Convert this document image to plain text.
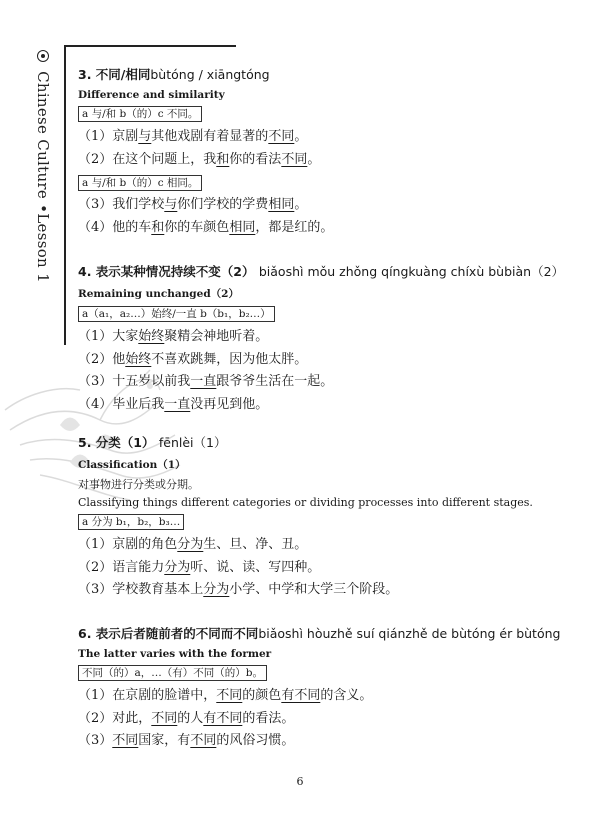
Chinese Culture •Lesson 1 3. 不同/相同bùtóng / xiāngtóng
Difference and similarity
a 与/和 b（的）c 不同。
（1）京剧与其他戏剧有着显著的不同。
（2）在这个问题上，我和你的看法不同。
a 与/和 b（的）c 相同。
（3）我们学校与你们学校的学费相同。
（4）他的车和你的车颜色相同，都是红的。
4. 表示某种情况持续不变（2） biǎoshì mǒu zhǒng qíngkuàng chíxù bùbiàn（2）
Remaining unchanged（2）
a（a₁，a₂…）始终/一直 b（b₁，b₂…）
（1）大家始终聚精会神地听着。
（2）他始终不喜欢跳舞，因为他太胖。
（3）十五岁以前我一直跟爷爷生活在一起。
（4）毕业后我一直没再见到他。
5. 分类（1） fēnlèi（1）
Classification（1）
对事物进行分类或分期。
Classifying things different categories or dividing processes into different stages.
a 分为 b₁，b₂，b₃…
（1）京剧的角色分为生、旦、净、丑。
（2）语言能力分为听、说、读、写四种。
（3）学校教育基本上分为小学、中学和大学三个阶段。
6. 表示后者随前者的不同而不同biǎoshì hòuzhě suí qiánzhě de bùtóng ér bùtóng
The latter varies with the former
不同（的）a，…（有）不同（的）b。
（1）在京剧的脸谱中，不同的颜色有不同的含义。
（2）对此，不同的人有不同的看法。
（3）不同国家，有不同的风俗习惯。
6
